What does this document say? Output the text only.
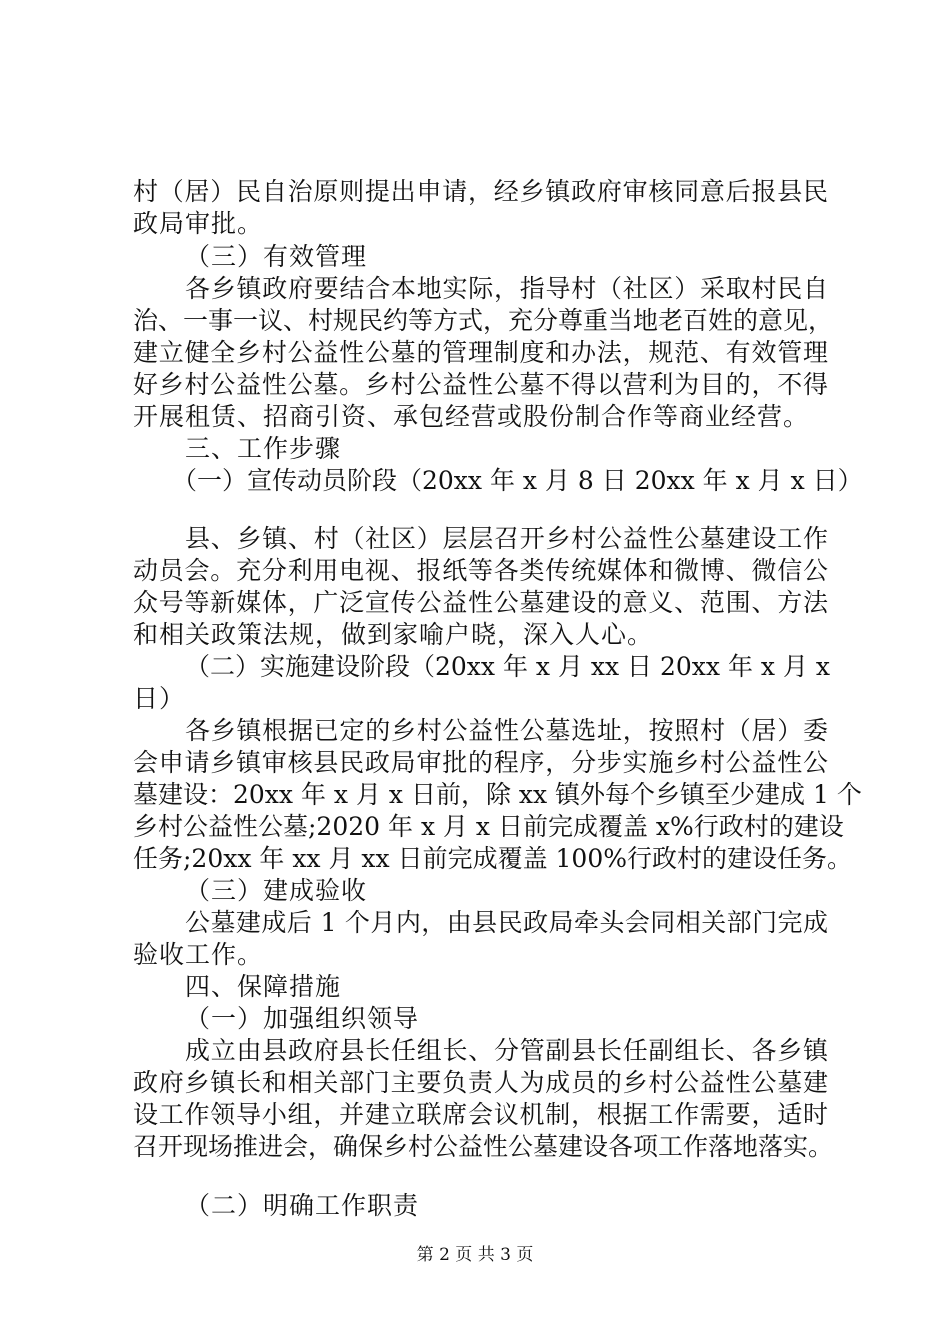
村（居）民自治原则提出申请，经乡镇政府审核同意后报县民
政局审批。
（三）有效管理
各乡镇政府要结合本地实际，指导村（社区）采取村民自
治、一事一议、村规民约等方式，充分尊重当地老百姓的意见，
建立健全乡村公益性公墓的管理制度和办法，规范、有效管理
好乡村公益性公墓。乡村公益性公墓不得以营利为目的，不得
开展租赁、招商引资、承包经营或股份制合作等商业经营。
三、工作步骤
（一）宣传动员阶段（20xx 年 x 月 8 日 20xx 年 x 月 x 日）
县、乡镇、村（社区）层层召开乡村公益性公墓建设工作
动员会。充分利用电视、报纸等各类传统媒体和微博、微信公
众号等新媒体，广泛宣传公益性公墓建设的意义、范围、方法
和相关政策法规，做到家喻户晓，深入人心。
（二）实施建设阶段（20xx 年 x 月 xx 日 20xx 年 x 月 x
日）
各乡镇根据已定的乡村公益性公墓选址，按照村（居）委
会申请乡镇审核县民政局审批的程序，分步实施乡村公益性公
墓建设：20xx 年 x 月 x 日前，除 xx 镇外每个乡镇至少建成 1 个
乡村公益性公墓;2020 年 x 月 x 日前完成覆盖 x%行政村的建设
任务;20xx 年 xx 月 xx 日前完成覆盖 100%行政村的建设任务。
（三）建成验收
公墓建成后 1 个月内，由县民政局牵头会同相关部门完成
验收工作。
四、保障措施
（一）加强组织领导
成立由县政府县长任组长、分管副县长任副组长、各乡镇
政府乡镇长和相关部门主要负责人为成员的乡村公益性公墓建
设工作领导小组，并建立联席会议机制，根据工作需要，适时
召开现场推进会，确保乡村公益性公墓建设各项工作落地落实。
（二）明确工作职责
第 2 页 共 3 页
